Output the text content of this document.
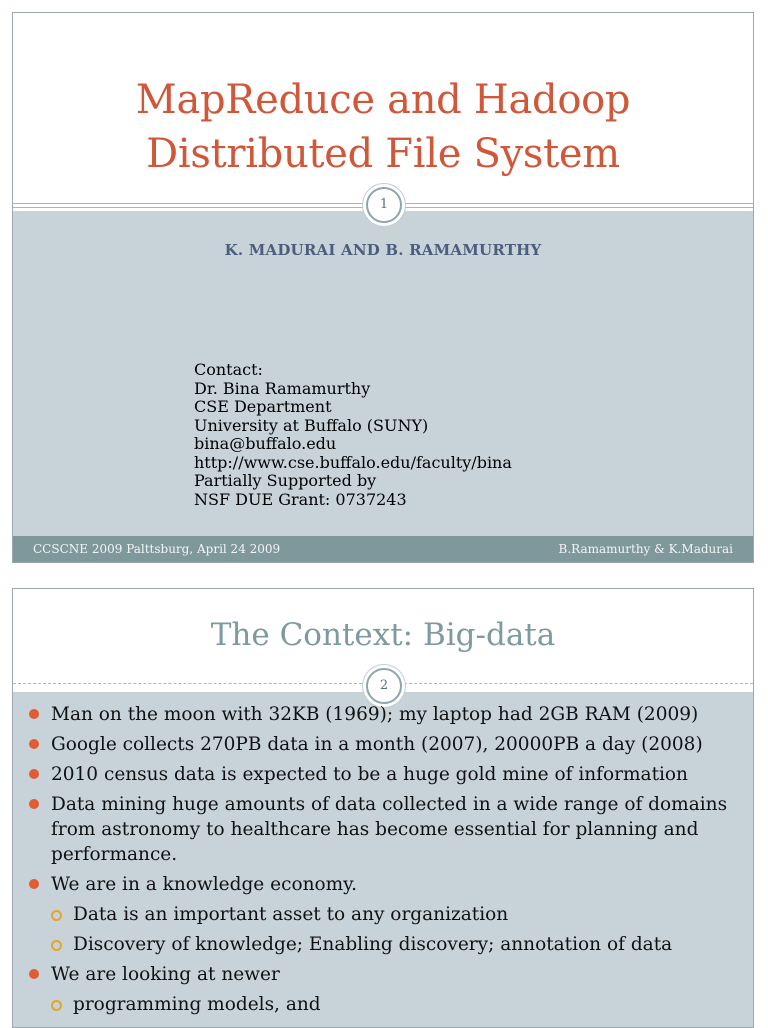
MapReduce and Hadoop
Distributed File System
1
K. MADURAI AND B. RAMAMURTHY
Contact:
Dr. Bina Ramamurthy
CSE Department
University at Buffalo (SUNY)
bina@buffalo.edu
http://www.cse.buffalo.edu/faculty/bina
Partially Supported by
NSF DUE Grant: 0737243
CCSCNE 2009 Palttsburg, April 24 2009	B.Ramamurthy & K.Madurai
The Context: Big-data
2
Man on the moon with 32KB (1969); my laptop had 2GB RAM (2009)
Google collects 270PB data in a month (2007), 20000PB a day (2008)
2010 census data is expected to be a huge gold mine of information
Data mining huge amounts of data collected in a wide range of domains from astronomy to healthcare has become essential for planning and performance.
We are in a knowledge economy.
Data is an important asset to any organization
Discovery of knowledge; Enabling discovery; annotation of data
We are looking at newer
programming models, and
